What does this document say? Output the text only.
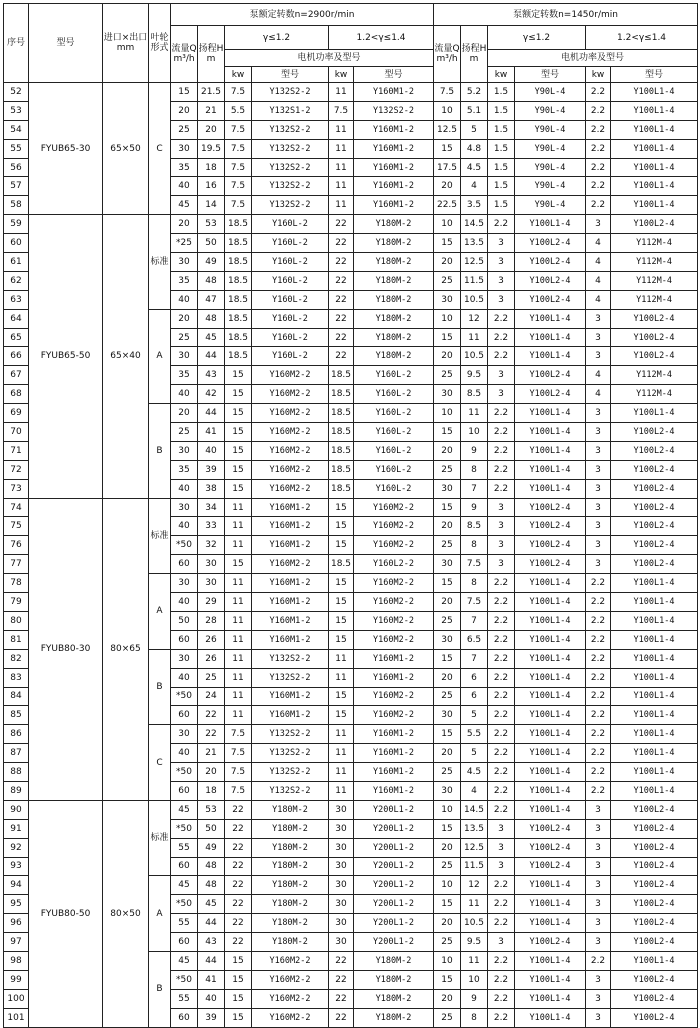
序号	型号	进口×出口mm	叶轮形式	泵额定转数n=2900r/min						泵额定转数n=1450r/min					
				流量Q m³/h	扬程H m	γ≤1.2		1.2<γ≤1.4		流量Q m³/h	扬程H m	γ≤1.2		1.2<γ≤1.4	
						电机功率及型号						电机功率及型号			
						kw	型号	kw	型号			kw	型号	kw	型号
52	FYUB65-30	65×50	C	15	21.5	7.5	Y132S2-2	11	Y160M1-2	7.5	5.2	1.5	Y90L-4	2.2	Y100L1-4
53				20	21	5.5	Y132S1-2	7.5	Y132S2-2	10	5.1	1.5	Y90L-4	2.2	Y100L1-4
54				25	20	7.5	Y132S2-2	11	Y160M1-2	12.5	5	1.5	Y90L-4	2.2	Y100L1-4
55				30	19.5	7.5	Y132S2-2	11	Y160M1-2	15	4.8	1.5	Y90L-4	2.2	Y100L1-4
56				35	18	7.5	Y132S2-2	11	Y160M1-2	17.5	4.5	1.5	Y90L-4	2.2	Y100L1-4
57				40	16	7.5	Y132S2-2	11	Y160M1-2	20	4	1.5	Y90L-4	2.2	Y100L1-4
58				45	14	7.5	Y132S2-2	11	Y160M1-2	22.5	3.5	1.5	Y90L-4	2.2	Y100L1-4
59	FYUB65-50	65×40	标准	20	53	18.5	Y160L-2	22	Y180M-2	10	14.5	2.2	Y100L1-4	3	Y100L2-4
60				*25	50	18.5	Y160L-2	22	Y180M-2	15	13.5	3	Y100L2-4	4	Y112M-4
61				30	49	18.5	Y160L-2	22	Y180M-2	20	12.5	3	Y100L2-4	4	Y112M-4
62				35	48	18.5	Y160L-2	22	Y180M-2	25	11.5	3	Y100L2-4	4	Y112M-4
63				40	47	18.5	Y160L-2	22	Y180M-2	30	10.5	3	Y100L2-4	4	Y112M-4
64			A	20	48	18.5	Y160L-2	22	Y180M-2	10	12	2.2	Y100L1-4	3	Y100L2-4
65				25	45	18.5	Y160L-2	22	Y180M-2	15	11	2.2	Y100L1-4	3	Y100L2-4
66				30	44	18.5	Y160L-2	22	Y180M-2	20	10.5	2.2	Y100L1-4	3	Y100L2-4
67				35	43	15	Y160M2-2	18.5	Y160L-2	25	9.5	3	Y100L2-4	4	Y112M-4
68				40	42	15	Y160M2-2	18.5	Y160L-2	30	8.5	3	Y100L2-4	4	Y112M-4
69			B	20	44	15	Y160M2-2	18.5	Y160L-2	10	11	2.2	Y100L1-4	3	Y100L1-4
70				25	41	15	Y160M2-2	18.5	Y160L-2	15	10	2.2	Y100L1-4	3	Y100L2-4
71				30	40	15	Y160M2-2	18.5	Y160L-2	20	9	2.2	Y100L1-4	3	Y100L2-4
72				35	39	15	Y160M2-2	18.5	Y160L-2	25	8	2.2	Y100L1-4	3	Y100L2-4
73				40	38	15	Y160M2-2	18.5	Y160L-2	30	7	2.2	Y100L1-4	3	Y100L2-4
74	FYUB80-30	80×65	标准	30	34	11	Y160M1-2	15	Y160M2-2	15	9	3	Y100L2-4	3	Y100L2-4
75				40	33	11	Y160M1-2	15	Y160M2-2	20	8.5	3	Y100L2-4	3	Y100L2-4
76				*50	32	11	Y160M1-2	15	Y160M2-2	25	8	3	Y100L2-4	3	Y100L2-4
77				60	30	15	Y160M2-2	18.5	Y160L2-2	30	7.5	3	Y100L2-4	3	Y100L2-4
78			A	30	30	11	Y160M1-2	15	Y160M2-2	15	8	2.2	Y100L1-4	2.2	Y100L1-4
79				40	29	11	Y160M1-2	15	Y160M2-2	20	7.5	2.2	Y100L1-4	2.2	Y100L1-4
80				50	28	11	Y160M1-2	15	Y160M2-2	25	7	2.2	Y100L1-4	2.2	Y100L1-4
81				60	26	11	Y160M1-2	15	Y160M2-2	30	6.5	2.2	Y100L1-4	2.2	Y100L1-4
82			B	30	26	11	Y132S2-2	11	Y160M1-2	15	7	2.2	Y100L1-4	2.2	Y100L1-4
83				40	25	11	Y132S2-2	11	Y160M1-2	20	6	2.2	Y100L1-4	2.2	Y100L1-4
84				*50	24	11	Y160M1-2	15	Y160M2-2	25	6	2.2	Y100L1-4	2.2	Y100L1-4
85				60	22	11	Y160M1-2	15	Y160M2-2	30	5	2.2	Y100L1-4	2.2	Y100L1-4
86			C	30	22	7.5	Y132S2-2	11	Y160M1-2	15	5.5	2.2	Y100L1-4	2.2	Y100L1-4
87				40	21	7.5	Y132S2-2	11	Y160M1-2	20	5	2.2	Y100L1-4	2.2	Y100L1-4
88				*50	20	7.5	Y132S2-2	11	Y160M1-2	25	4.5	2.2	Y100L1-4	2.2	Y100L1-4
89				60	18	7.5	Y132S2-2	11	Y160M1-2	30	4	2.2	Y100L1-4	2.2	Y100L1-4
90	FYUB80-50	80×50	标准	45	53	22	Y180M-2	30	Y200L1-2	10	14.5	2.2	Y100L1-4	3	Y100L2-4
91				*50	50	22	Y180M-2	30	Y200L1-2	15	13.5	3	Y100L2-4	3	Y100L2-4
92				55	49	22	Y180M-2	30	Y200L1-2	20	12.5	3	Y100L2-4	3	Y100L2-4
93				60	48	22	Y180M-2	30	Y200L1-2	25	11.5	3	Y100L2-4	3	Y100L2-4
94			A	45	48	22	Y180M-2	30	Y200L1-2	10	12	2.2	Y100L1-4	3	Y100L2-4
95				*50	45	22	Y180M-2	30	Y200L1-2	15	11	2.2	Y100L1-4	3	Y100L2-4
96				55	44	22	Y180M-2	30	Y200L1-2	20	10.5	2.2	Y100L1-4	3	Y100L2-4
97				60	43	22	Y180M-2	30	Y200L1-2	25	9.5	3	Y100L2-4	3	Y100L2-4
98			B	45	44	15	Y160M2-2	22	Y180M-2	10	11	2.2	Y100L1-4	2.2	Y100L1-4
99				*50	41	15	Y160M2-2	22	Y180M-2	15	10	2.2	Y100L1-4	3	Y100L2-4
100				55	40	15	Y160M2-2	22	Y180M-2	20	9	2.2	Y100L1-4	3	Y100L2-4
101				60	39	15	Y160M2-2	22	Y180M-2	25	8	2.2	Y100L1-4	3	Y100L2-4
